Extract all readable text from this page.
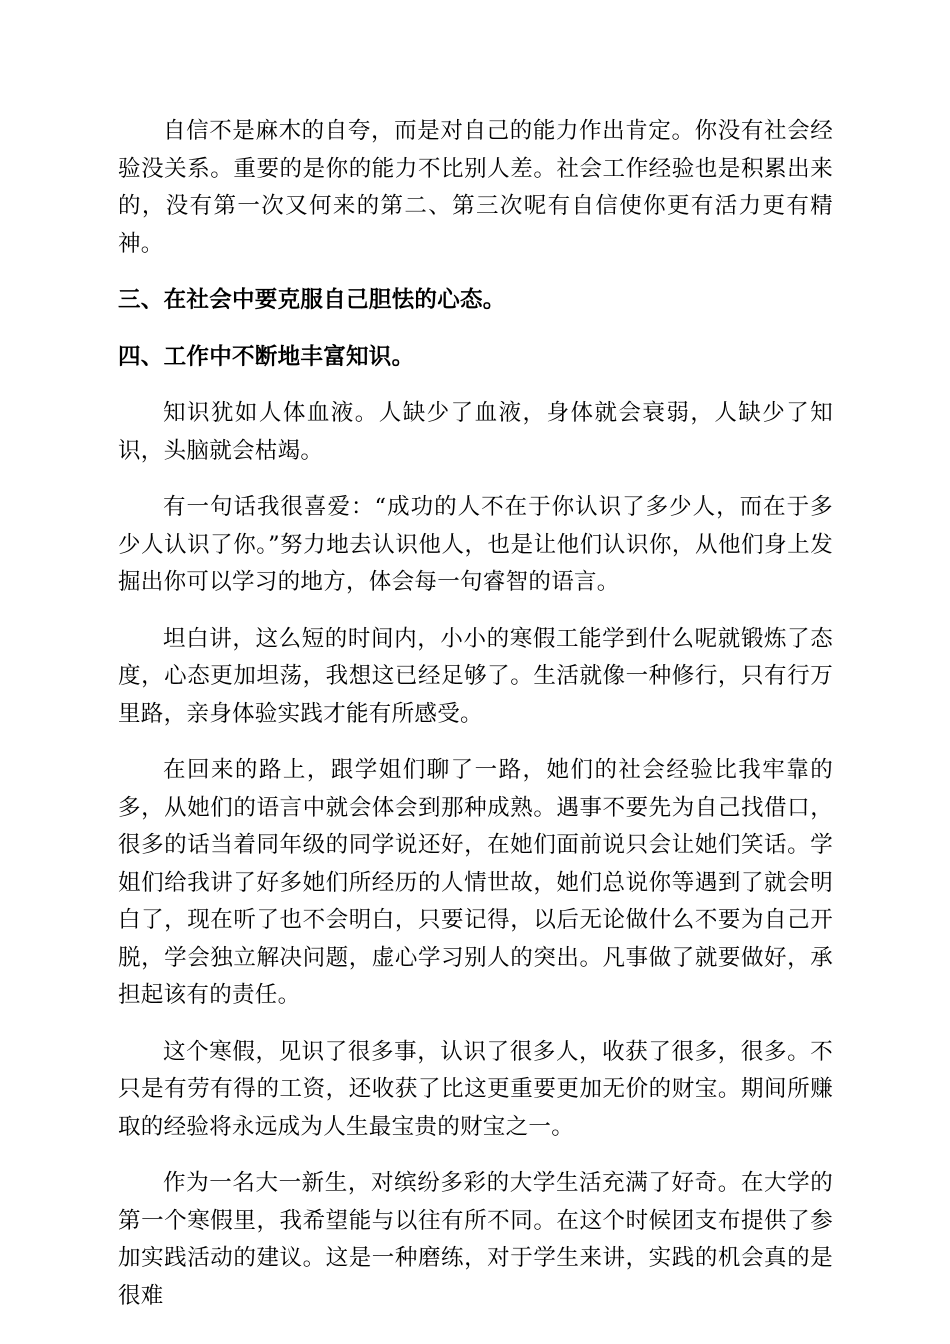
自信不是麻木的自夸，而是对自己的能力作出肯定。你没有社会经验没关系。重要的是你的能力不比别人差。社会工作经验也是积累出来的，没有第一次又何来的第二、第三次呢有自信使你更有活力更有精神。

三、在社会中要克服自己胆怯的心态。

四、工作中不断地丰富知识。

知识犹如人体血液。人缺少了血液，身体就会衰弱，人缺少了知识，头脑就会枯竭。

有一句话我很喜爱：“成功的人不在于你认识了多少人，而在于多少人认识了你。”努力地去认识他人，也是让他们认识你，从他们身上发掘出你可以学习的地方，体会每一句睿智的语言。

坦白讲，这么短的时间内，小小的寒假工能学到什么呢就锻炼了态度，心态更加坦荡，我想这已经足够了。生活就像一种修行，只有行万里路，亲身体验实践才能有所感受。

在回来的路上，跟学姐们聊了一路，她们的社会经验比我牢靠的多，从她们的语言中就会体会到那种成熟。遇事不要先为自己找借口，很多的话当着同年级的同学说还好，在她们面前说只会让她们笑话。学姐们给我讲了好多她们所经历的人情世故，她们总说你等遇到了就会明白了，现在听了也不会明白，只要记得，以后无论做什么不要为自己开脱，学会独立解决问题，虚心学习别人的突出。凡事做了就要做好，承担起该有的责任。

这个寒假，见识了很多事，认识了很多人，收获了很多，很多。不只是有劳有得的工资，还收获了比这更重要更加无价的财宝。期间所赚取的经验将永远成为人生最宝贵的财宝之一。

作为一名大一新生，对缤纷多彩的大学生活充满了好奇。在大学的第一个寒假里，我希望能与以往有所不同。在这个时候团支布提供了参加实践活动的建议。这是一种磨练，对于学生来讲，实践的机会真的是很难
